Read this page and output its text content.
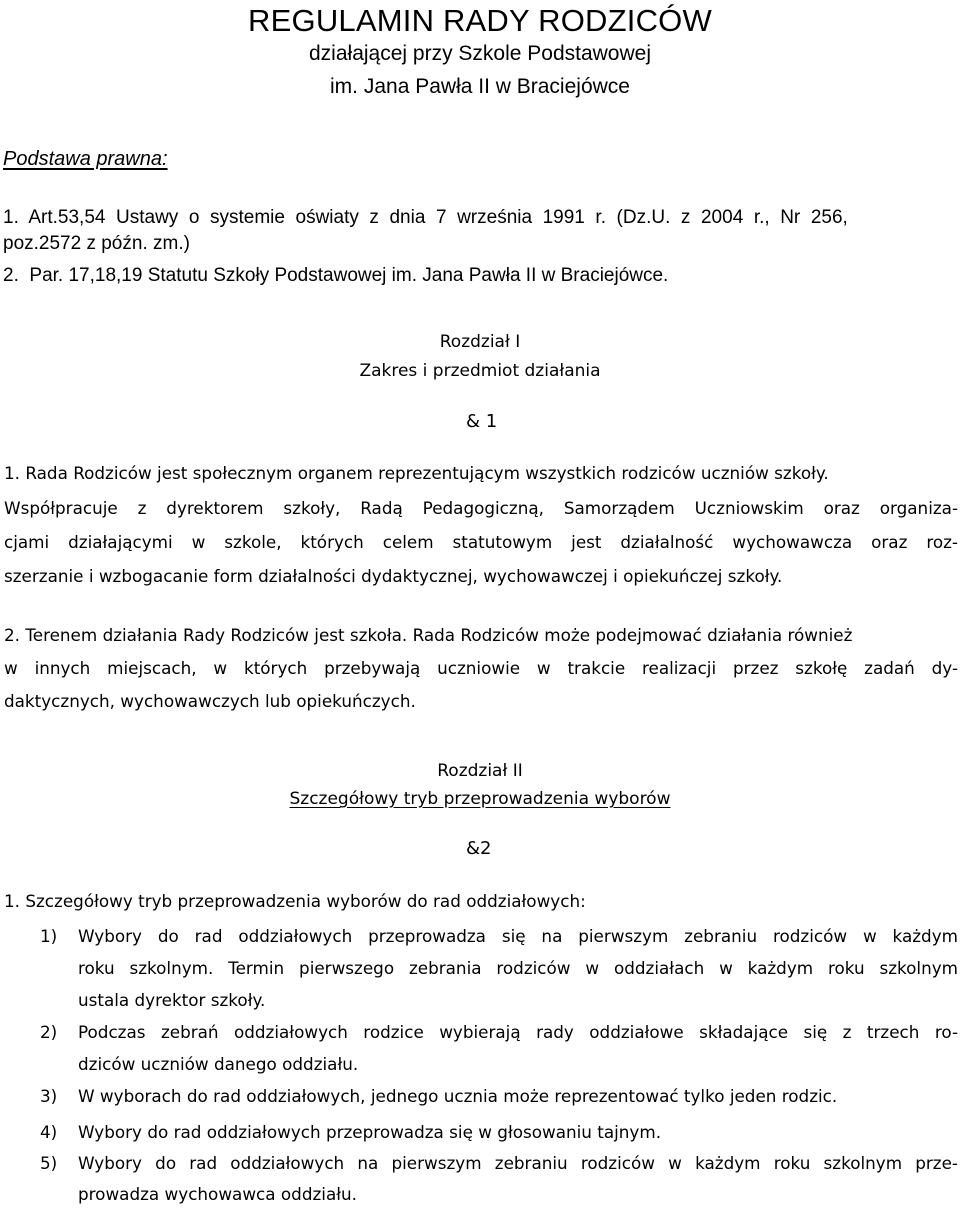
REGULAMIN RADY RODZICÓW
działającej przy Szkole Podstawowej
im. Jana Pawła II w Braciejówce
Podstawa prawna:
1.  Art.53,54  Ustawy  o  systemie  oświaty  z  dnia  7  września  1991  r.  (Dz.U.  z  2004  r.,  Nr  256,
poz.2572 z późn. zm.)
2.  Par. 17,18,19 Statutu Szkoły Podstawowej im. Jana Pawła II w Braciejówce.
Rozdział I
Zakres i przedmiot działania
& 1
1. Rada Rodziców jest społecznym organem reprezentującym wszystkich rodziców uczniów szkoły.
Współpracuje z dyrektorem szkoły, Radą Pedagogiczną, Samorządem Uczniowskim oraz organiza-
cjami działającymi w szkole, których celem statutowym jest działalność wychowawcza oraz roz-
szerzanie i wzbogacanie form działalności dydaktycznej, wychowawczej i opiekuńczej szkoły.
2. Terenem działania Rady Rodziców jest szkoła. Rada Rodziców może podejmować działania również
w innych miejscach, w których przebywają uczniowie w trakcie realizacji przez szkołę zadań dy-
daktycznych, wychowawczych lub opiekuńczych.
Rozdział II
Szczegółowy tryb przeprowadzenia wyborów
&2
1. Szczegółowy tryb przeprowadzenia wyborów do rad oddziałowych:
1) Wybory do rad oddziałowych przeprowadza się na pierwszym zebraniu rodziców w każdym
roku szkolnym. Termin pierwszego zebrania rodziców w oddziałach w każdym roku szkolnym
ustala dyrektor szkoły.
2) Podczas zebrań oddziałowych rodzice wybierają rady oddziałowe składające się z trzech ro-
dziców uczniów danego oddziału.
3) W wyborach do rad oddziałowych, jednego ucznia może reprezentować tylko jeden rodzic.
4) Wybory do rad oddziałowych przeprowadza się w głosowaniu tajnym.
5) Wybory do rad oddziałowych na pierwszym zebraniu rodziców w każdym roku szkolnym prze-
prowadza wychowawca oddziału.
